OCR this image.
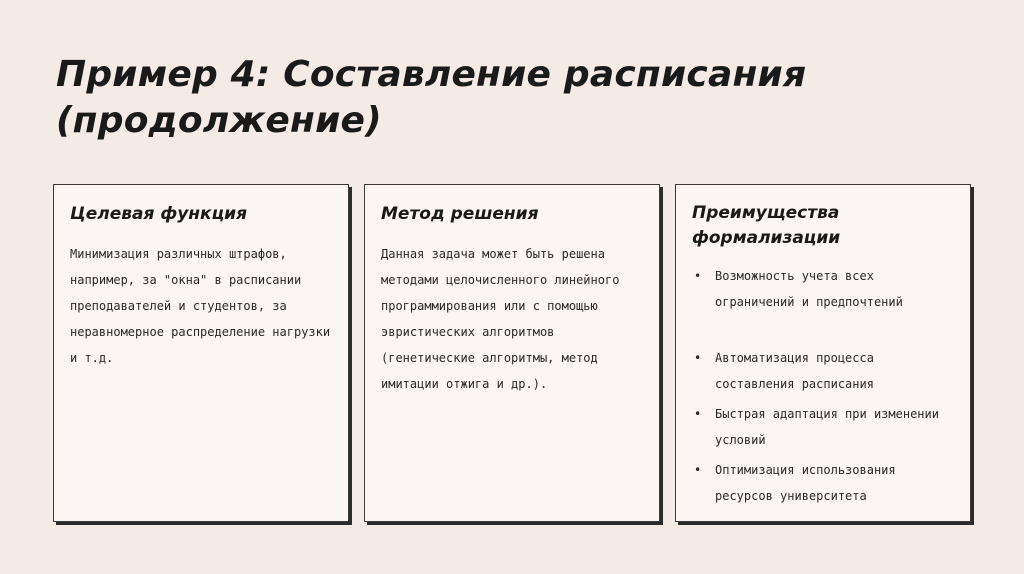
Пример 4: Составление расписания
(продолжение)
Целевая функция

Минимизация различных штрафов, например, за "окна" в расписании преподавателей и студентов, за неравномерное распределение нагрузки и т.д.

Метод решения

Данная задача может быть решена методами целочисленного линейного программирования или с помощью эвристических алгоритмов (генетические алгоритмы, метод имитации отжига и др.).

Преимущества формализации
• Возможность учета всех ограничений и предпочтений
• Автоматизация процесса составления расписания
• Быстрая адаптация при изменении условий
• Оптимизация использования ресурсов университета
